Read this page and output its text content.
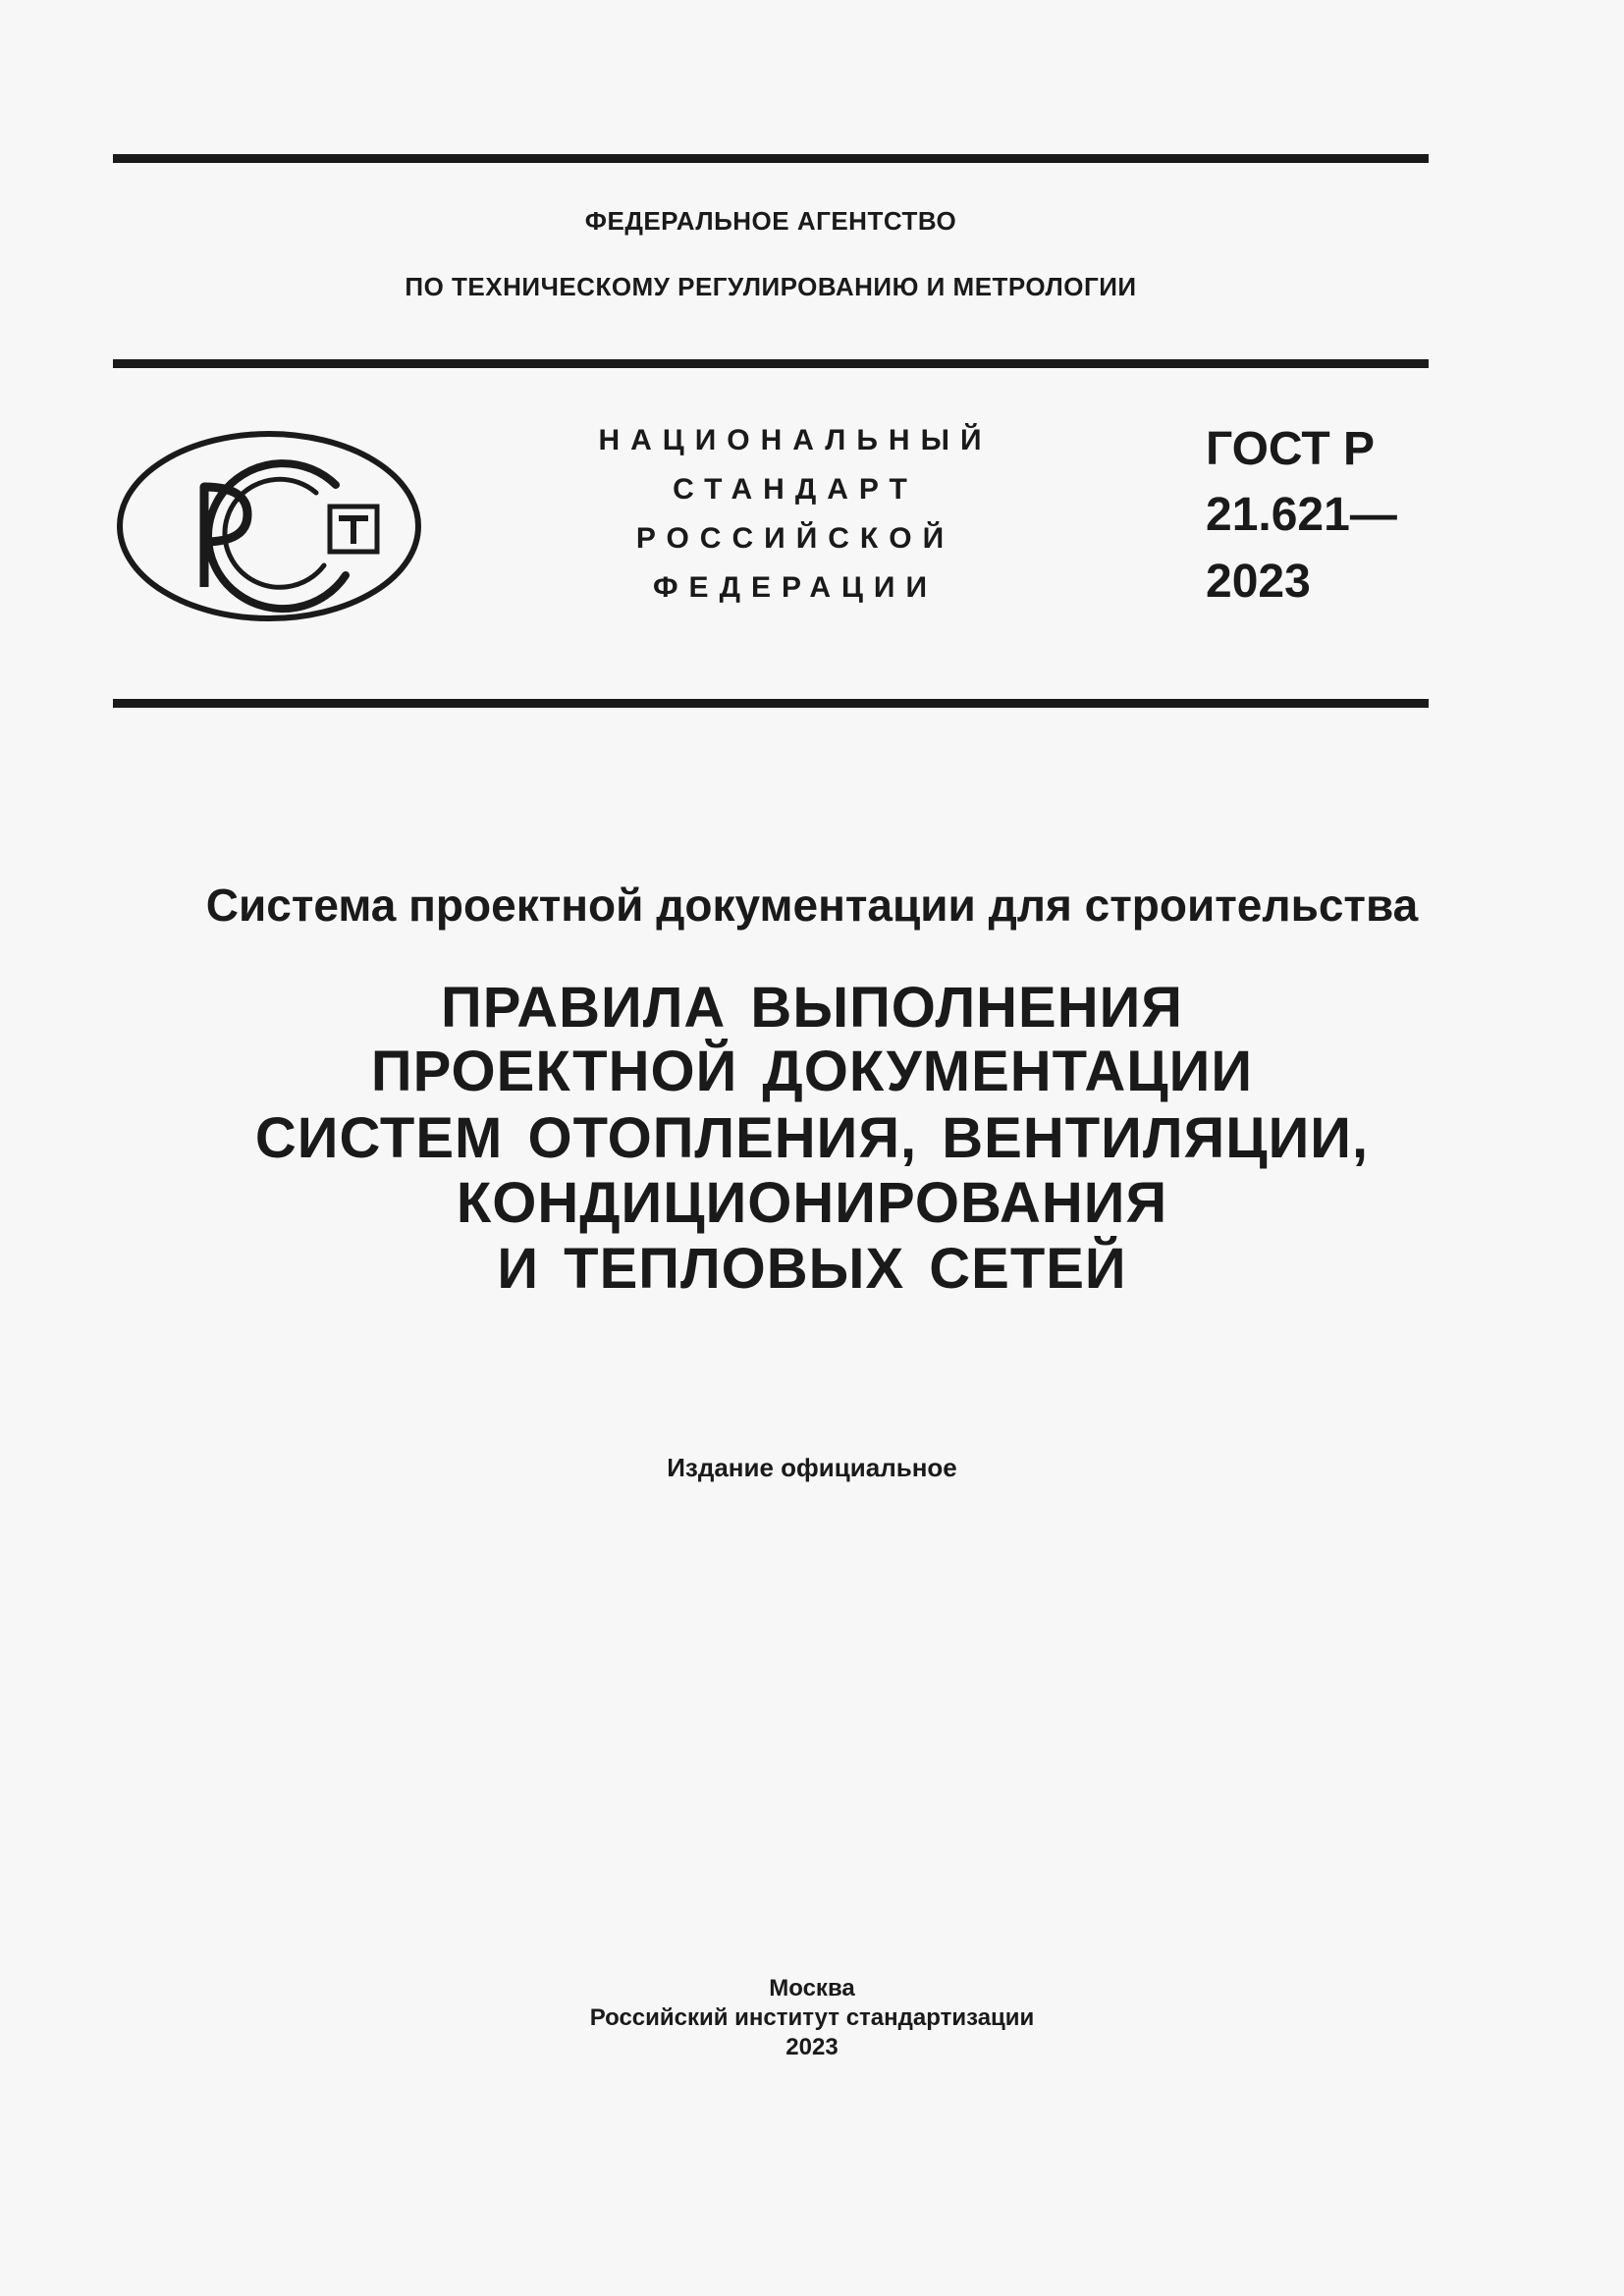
ФЕДЕРАЛЬНОЕ АГЕНТСТВО
ПО ТЕХНИЧЕСКОМУ РЕГУЛИРОВАНИЮ И МЕТРОЛОГИИ
НАЦИОНАЛЬНЫЙ
СТАНДАРТ
РОССИЙСКОЙ
ФЕДЕРАЦИИ
ГОСТ Р
21.621—
2023
Система проектной документации для строительства
ПРАВИЛА ВЫПОЛНЕНИЯ
ПРОЕКТНОЙ ДОКУМЕНТАЦИИ
СИСТЕМ ОТОПЛЕНИЯ, ВЕНТИЛЯЦИИ,
КОНДИЦИОНИРОВАНИЯ
И ТЕПЛОВЫХ СЕТЕЙ
Издание официальное
Москва
Российский институт стандартизации
2023
